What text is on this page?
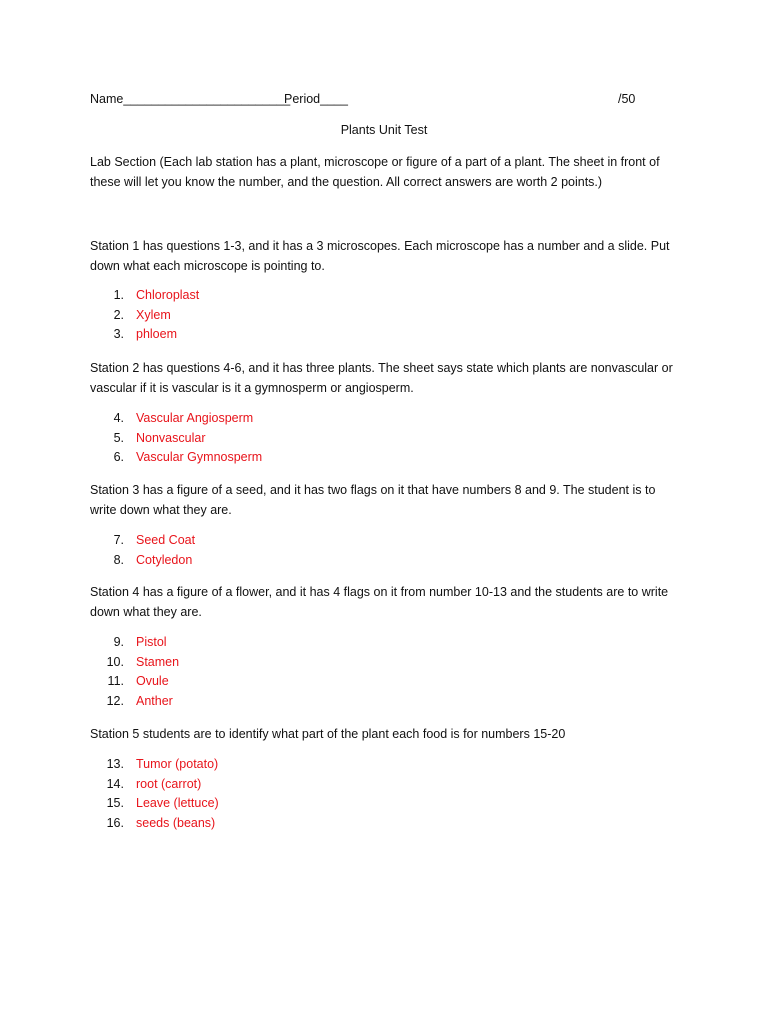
Name________________________
Period____	/50
Plants Unit Test

Lab Section (Each lab station has a plant, microscope or figure of a part of a plant. The sheet in front of these will let you know the number, and the question. All correct answers are worth 2 points.)

Station 1 has questions 1-3, and it has a 3 microscopes. Each microscope has a number and a slide. Put down what each microscope is pointing to.

1. Chloroplast
2. Xylem
3. phloem

Station 2 has questions 4-6, and it has three plants. The sheet says state which plants are nonvascular or vascular if it is vascular is it a gymnosperm or angiosperm.

4. Vascular Angiosperm
5. Nonvascular
6. Vascular Gymnosperm

Station 3 has a figure of a seed, and it has two flags on it that have numbers 8 and 9. The student is to write down what they are.

7. Seed Coat
8. Cotyledon

Station 4 has a figure of a flower, and it has 4 flags on it from number 10-13 and the students are to write down what they are.

9. Pistol
10. Stamen
11. Ovule
12. Anther

Station 5 students are to identify what part of the plant each food is for numbers 15-20

13. Tumor (potato)
14. root (carrot)
15. Leave (lettuce)
16. seeds (beans)
